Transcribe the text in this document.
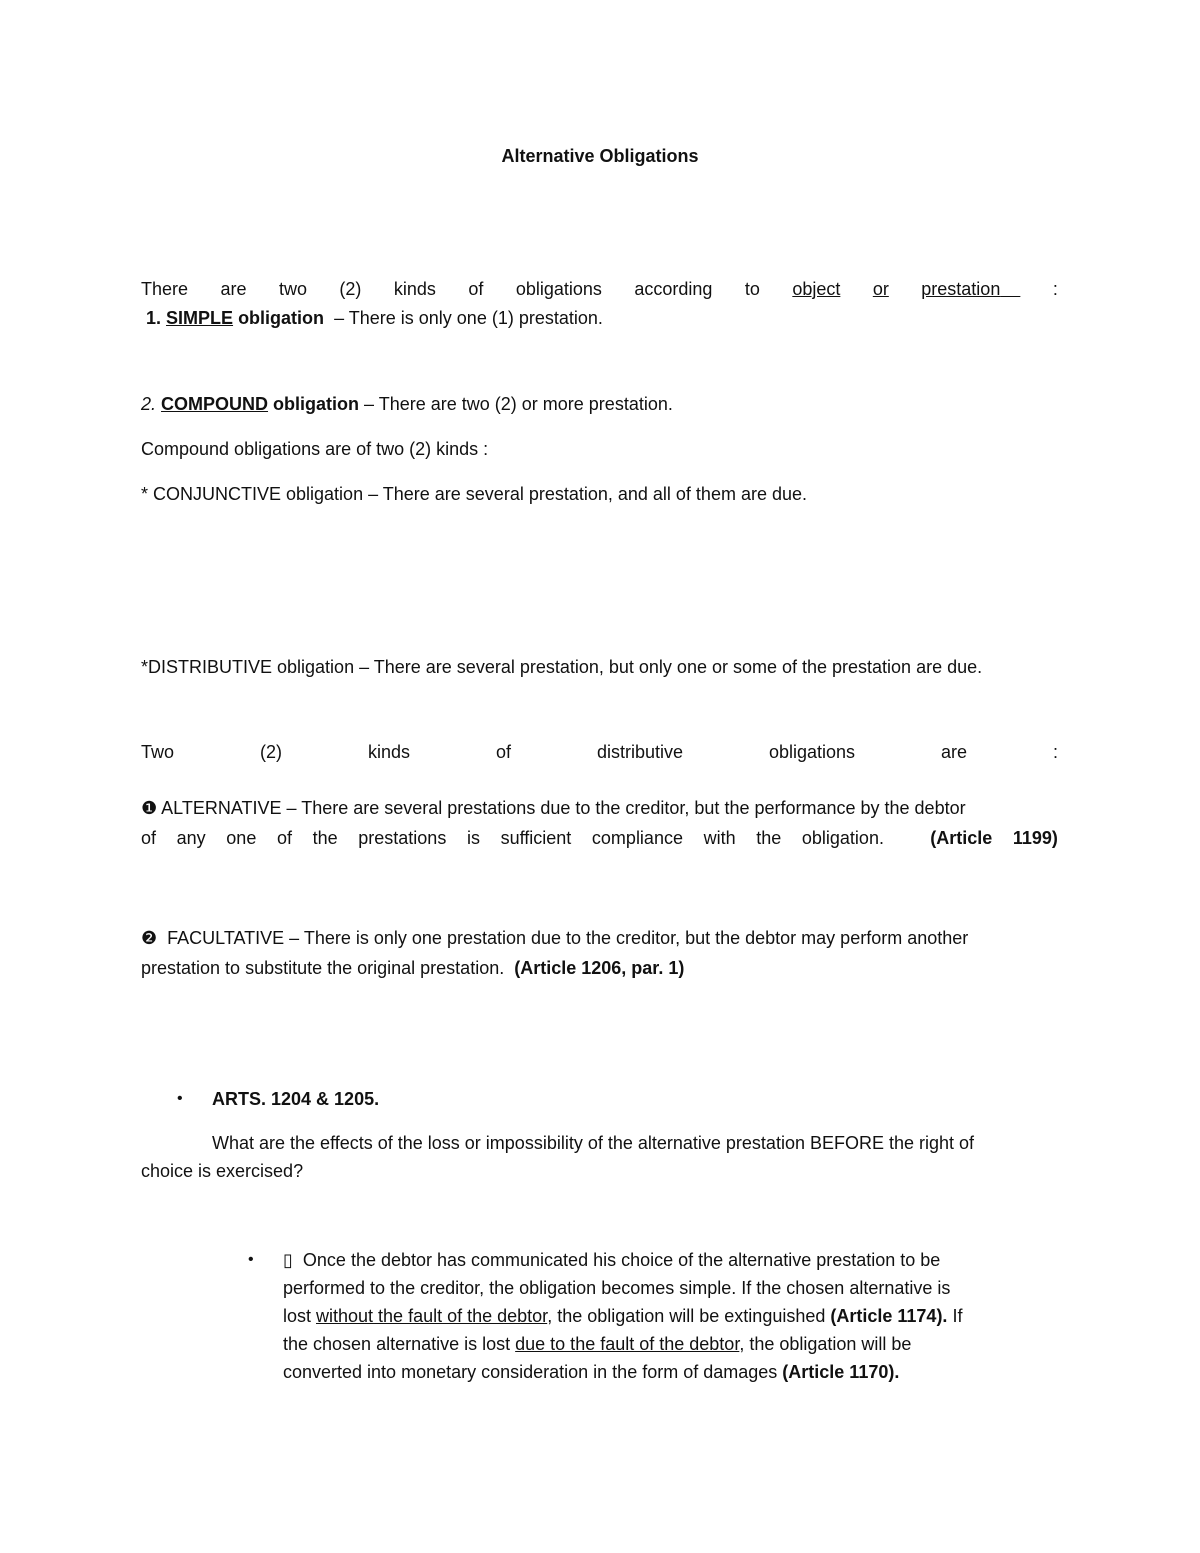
Alternative Obligations
There are two (2) kinds of obligations according to object or prestation	:
1. SIMPLE obligation – There is only one (1) prestation.
2. COMPOUND obligation – There are two (2) or more prestation.
Compound obligations are of two (2) kinds :
* CONJUNCTIVE obligation – There are several prestation, and all of them are due.
*DISTRIBUTIVE obligation – There are several prestation, but only one or some of the prestation are due.
Two	(2)	kinds	of	distributive	obligations	are	:
❶ ALTERNATIVE – There are several prestations due to the creditor, but the performance by the debtor
of any one of the prestations is sufficient compliance with the obligation.
	(Article 1199)
❷ FACULTATIVE – There is only one prestation due to the creditor, but the debtor may perform another
prestation to substitute the original prestation. (Article 1206, par. 1)
• ARTS. 1204 & 1205.
What are the effects of the loss or impossibility of the alternative prestation BEFORE the right of
choice is exercised?
• ▯ Once the debtor has communicated his choice of the alternative prestation to be
performed to the creditor, the obligation becomes simple. If the chosen alternative is
lost without the fault of the debtor, the obligation will be extinguished (Article 1174). If
the chosen alternative is lost due to the fault of the debtor, the obligation will be
converted into monetary consideration in the form of damages (Article 1170).
